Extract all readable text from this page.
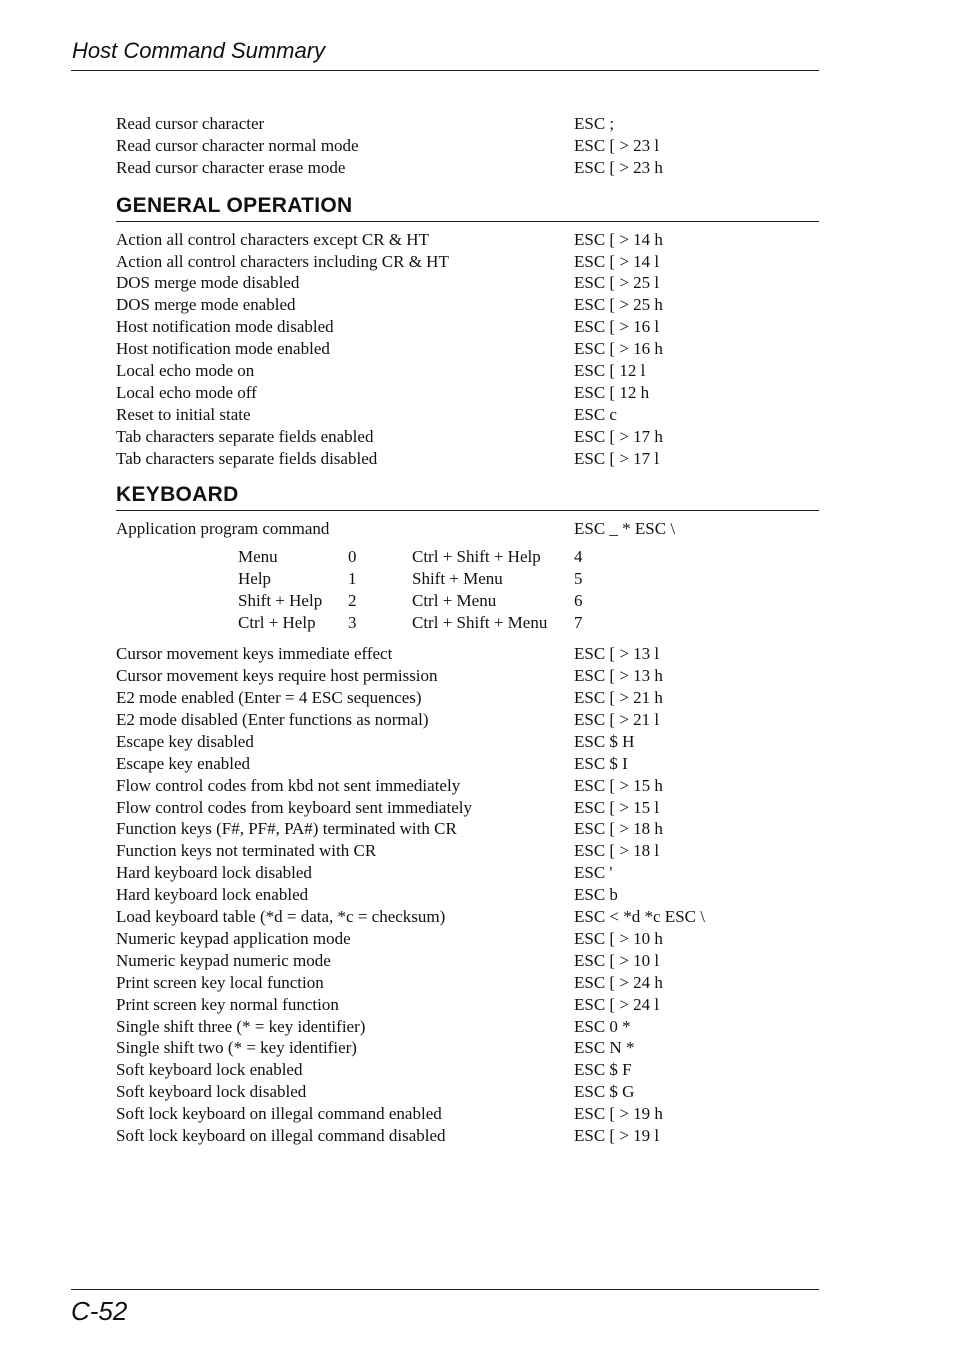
Host Command Summary
Read cursor character	ESC ;
Read cursor character normal mode	ESC [ > 23 l
Read cursor character erase mode	ESC [ > 23 h
GENERAL OPERATION
Action all control characters except CR & HT	ESC [ > 14 h
Action all control characters including CR & HT	ESC [ > 14 l
DOS merge mode disabled	ESC [ > 25 l
DOS merge mode enabled	ESC [ > 25 h
Host notification mode disabled	ESC [ > 16 l
Host notification mode enabled	ESC [ > 16 h
Local echo mode on	ESC [ 12 l
Local echo mode off	ESC [ 12 h
Reset to initial state	ESC c
Tab characters separate fields enabled	ESC [ > 17 h
Tab characters separate fields disabled	ESC [ > 17 l
KEYBOARD
Application program command	ESC _ * ESC \
Menu	0	Ctrl + Shift + Help	4
Help	1	Shift + Menu	5
Shift + Help	2	Ctrl + Menu	6
Ctrl + Help	3	Ctrl + Shift + Menu	7
Cursor movement keys immediate effect	ESC [ > 13 l
Cursor movement keys require host permission	ESC [ > 13 h
E2 mode enabled (Enter = 4 ESC sequences)	ESC [ > 21 h
E2 mode disabled (Enter functions as normal)	ESC [ > 21 l
Escape key disabled	ESC $ H
Escape key enabled	ESC $ I
Flow control codes from kbd not sent immediately	ESC [ > 15 h
Flow control codes from keyboard sent immediately	ESC [ > 15 l
Function keys (F#, PF#, PA#) terminated with CR	ESC [ > 18 h
Function keys not terminated with CR	ESC [ > 18 l
Hard keyboard lock disabled	ESC '
Hard keyboard lock enabled	ESC b
Load keyboard table (*d = data, *c = checksum)	ESC < *d *c ESC \
Numeric keypad application mode	ESC [ > 10 h
Numeric keypad numeric mode	ESC [ > 10 l
Print screen key local function	ESC [ > 24 h
Print screen key normal function	ESC [ > 24 l
Single shift three (* = key identifier)	ESC 0 *
Single shift two (* = key identifier)	ESC N *
Soft keyboard lock enabled	ESC $ F
Soft keyboard lock disabled	ESC $ G
Soft lock keyboard on illegal command enabled	ESC [ > 19 h
Soft lock keyboard on illegal command disabled	ESC [ > 19 l
C-52
